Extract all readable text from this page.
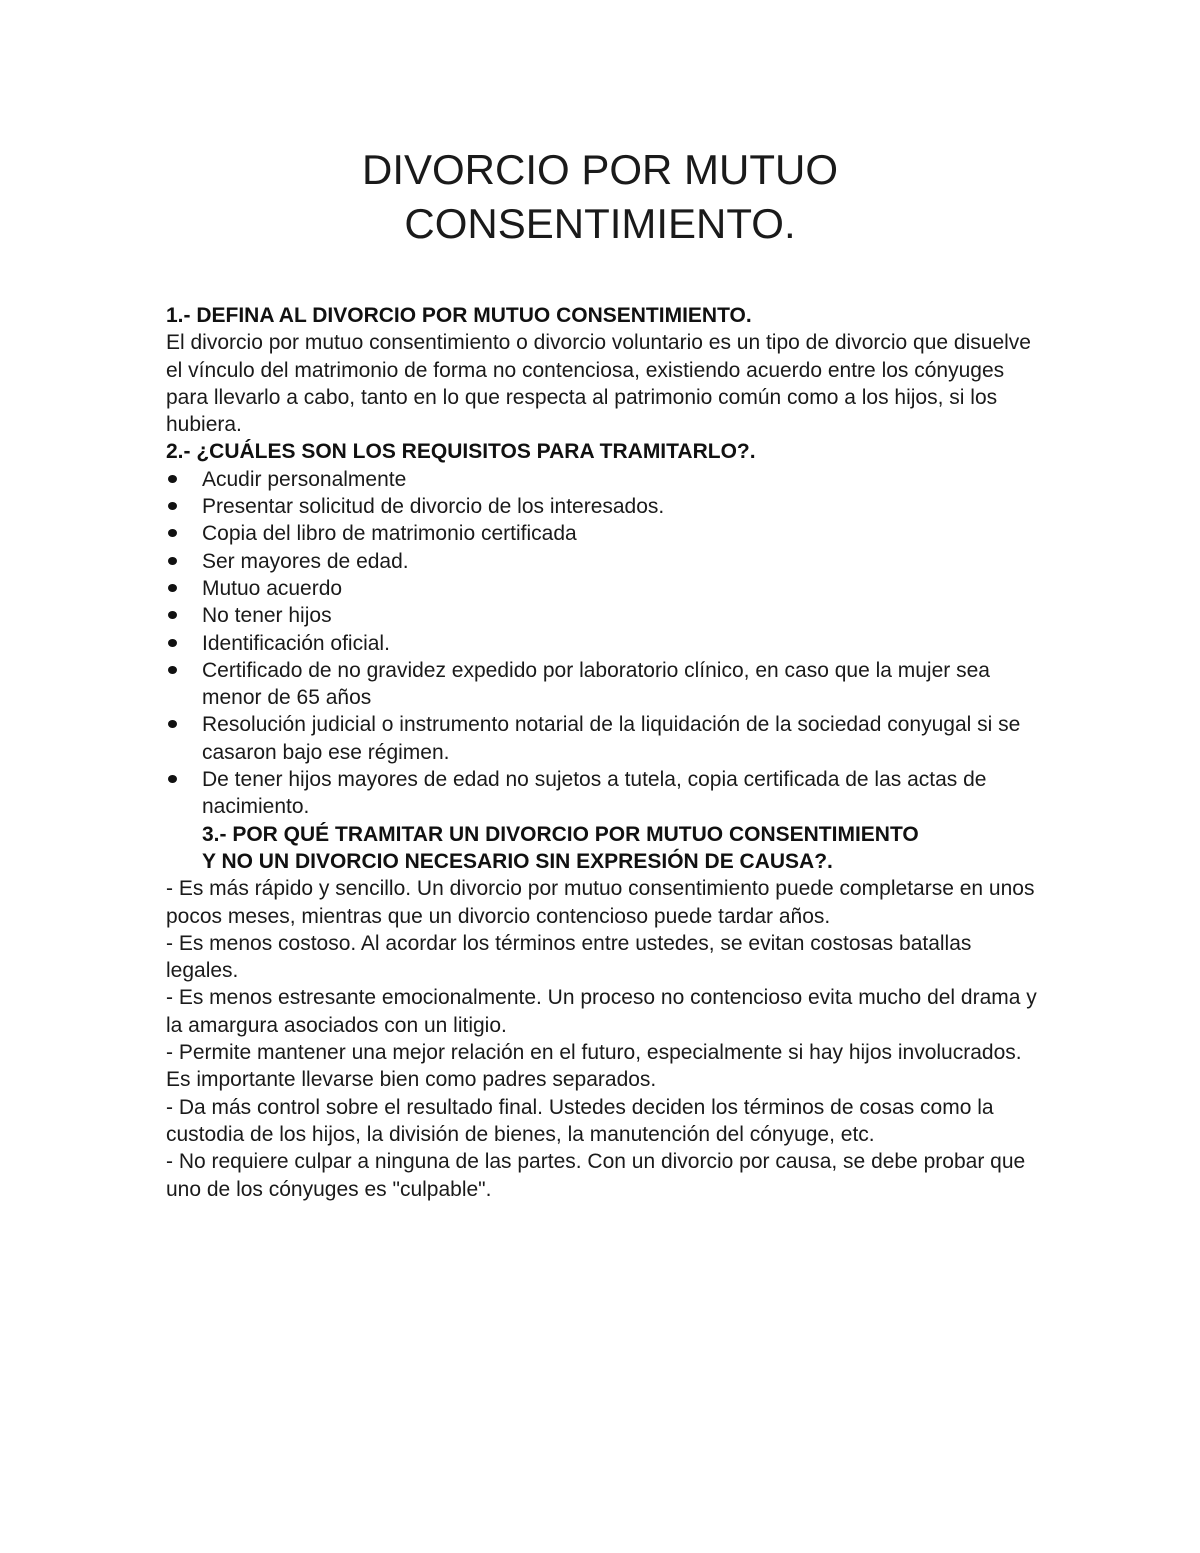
DIVORCIO POR MUTUO
CONSENTIMIENTO.

1.- DEFINA AL DIVORCIO POR MUTUO CONSENTIMIENTO.

El divorcio por mutuo consentimiento o divorcio voluntario es un tipo de divorcio que disuelve el vínculo del matrimonio de forma no contenciosa, existiendo acuerdo entre los cónyuges para llevarlo a cabo, tanto en lo que respecta al patrimonio común como a los hijos, si los hubiera.

2.- ¿CUÁLES SON LOS REQUISITOS PARA TRAMITARLO?.

Acudir personalmente
Presentar solicitud de divorcio de los interesados.
Copia del libro de matrimonio certificada
Ser mayores de edad.
Mutuo acuerdo
No tener hijos
Identificación oficial.
Certificado de no gravidez expedido por laboratorio clínico, en caso que la mujer sea menor de 65 años
Resolución judicial o instrumento notarial de la liquidación de la sociedad conyugal si se casaron bajo ese régimen.
De tener hijos mayores de edad no sujetos a tutela, copia certificada de las actas de nacimiento.

3.- POR QUÉ TRAMITAR UN DIVORCIO POR MUTUO CONSENTIMIENTO
Y NO UN DIVORCIO NECESARIO SIN EXPRESIÓN DE CAUSA?.

- Es más rápido y sencillo. Un divorcio por mutuo consentimiento puede completarse en unos pocos meses, mientras que un divorcio contencioso puede tardar años.

- Es menos costoso. Al acordar los términos entre ustedes, se evitan costosas batallas legales.

- Es menos estresante emocionalmente. Un proceso no contencioso evita mucho del drama y la amargura asociados con un litigio.

- Permite mantener una mejor relación en el futuro, especialmente si hay hijos involucrados. Es importante llevarse bien como padres separados.

- Da más control sobre el resultado final. Ustedes deciden los términos de cosas como la custodia de los hijos, la división de bienes, la manutención del cónyuge, etc.

- No requiere culpar a ninguna de las partes. Con un divorcio por causa, se debe probar que uno de los cónyuges es "culpable".
